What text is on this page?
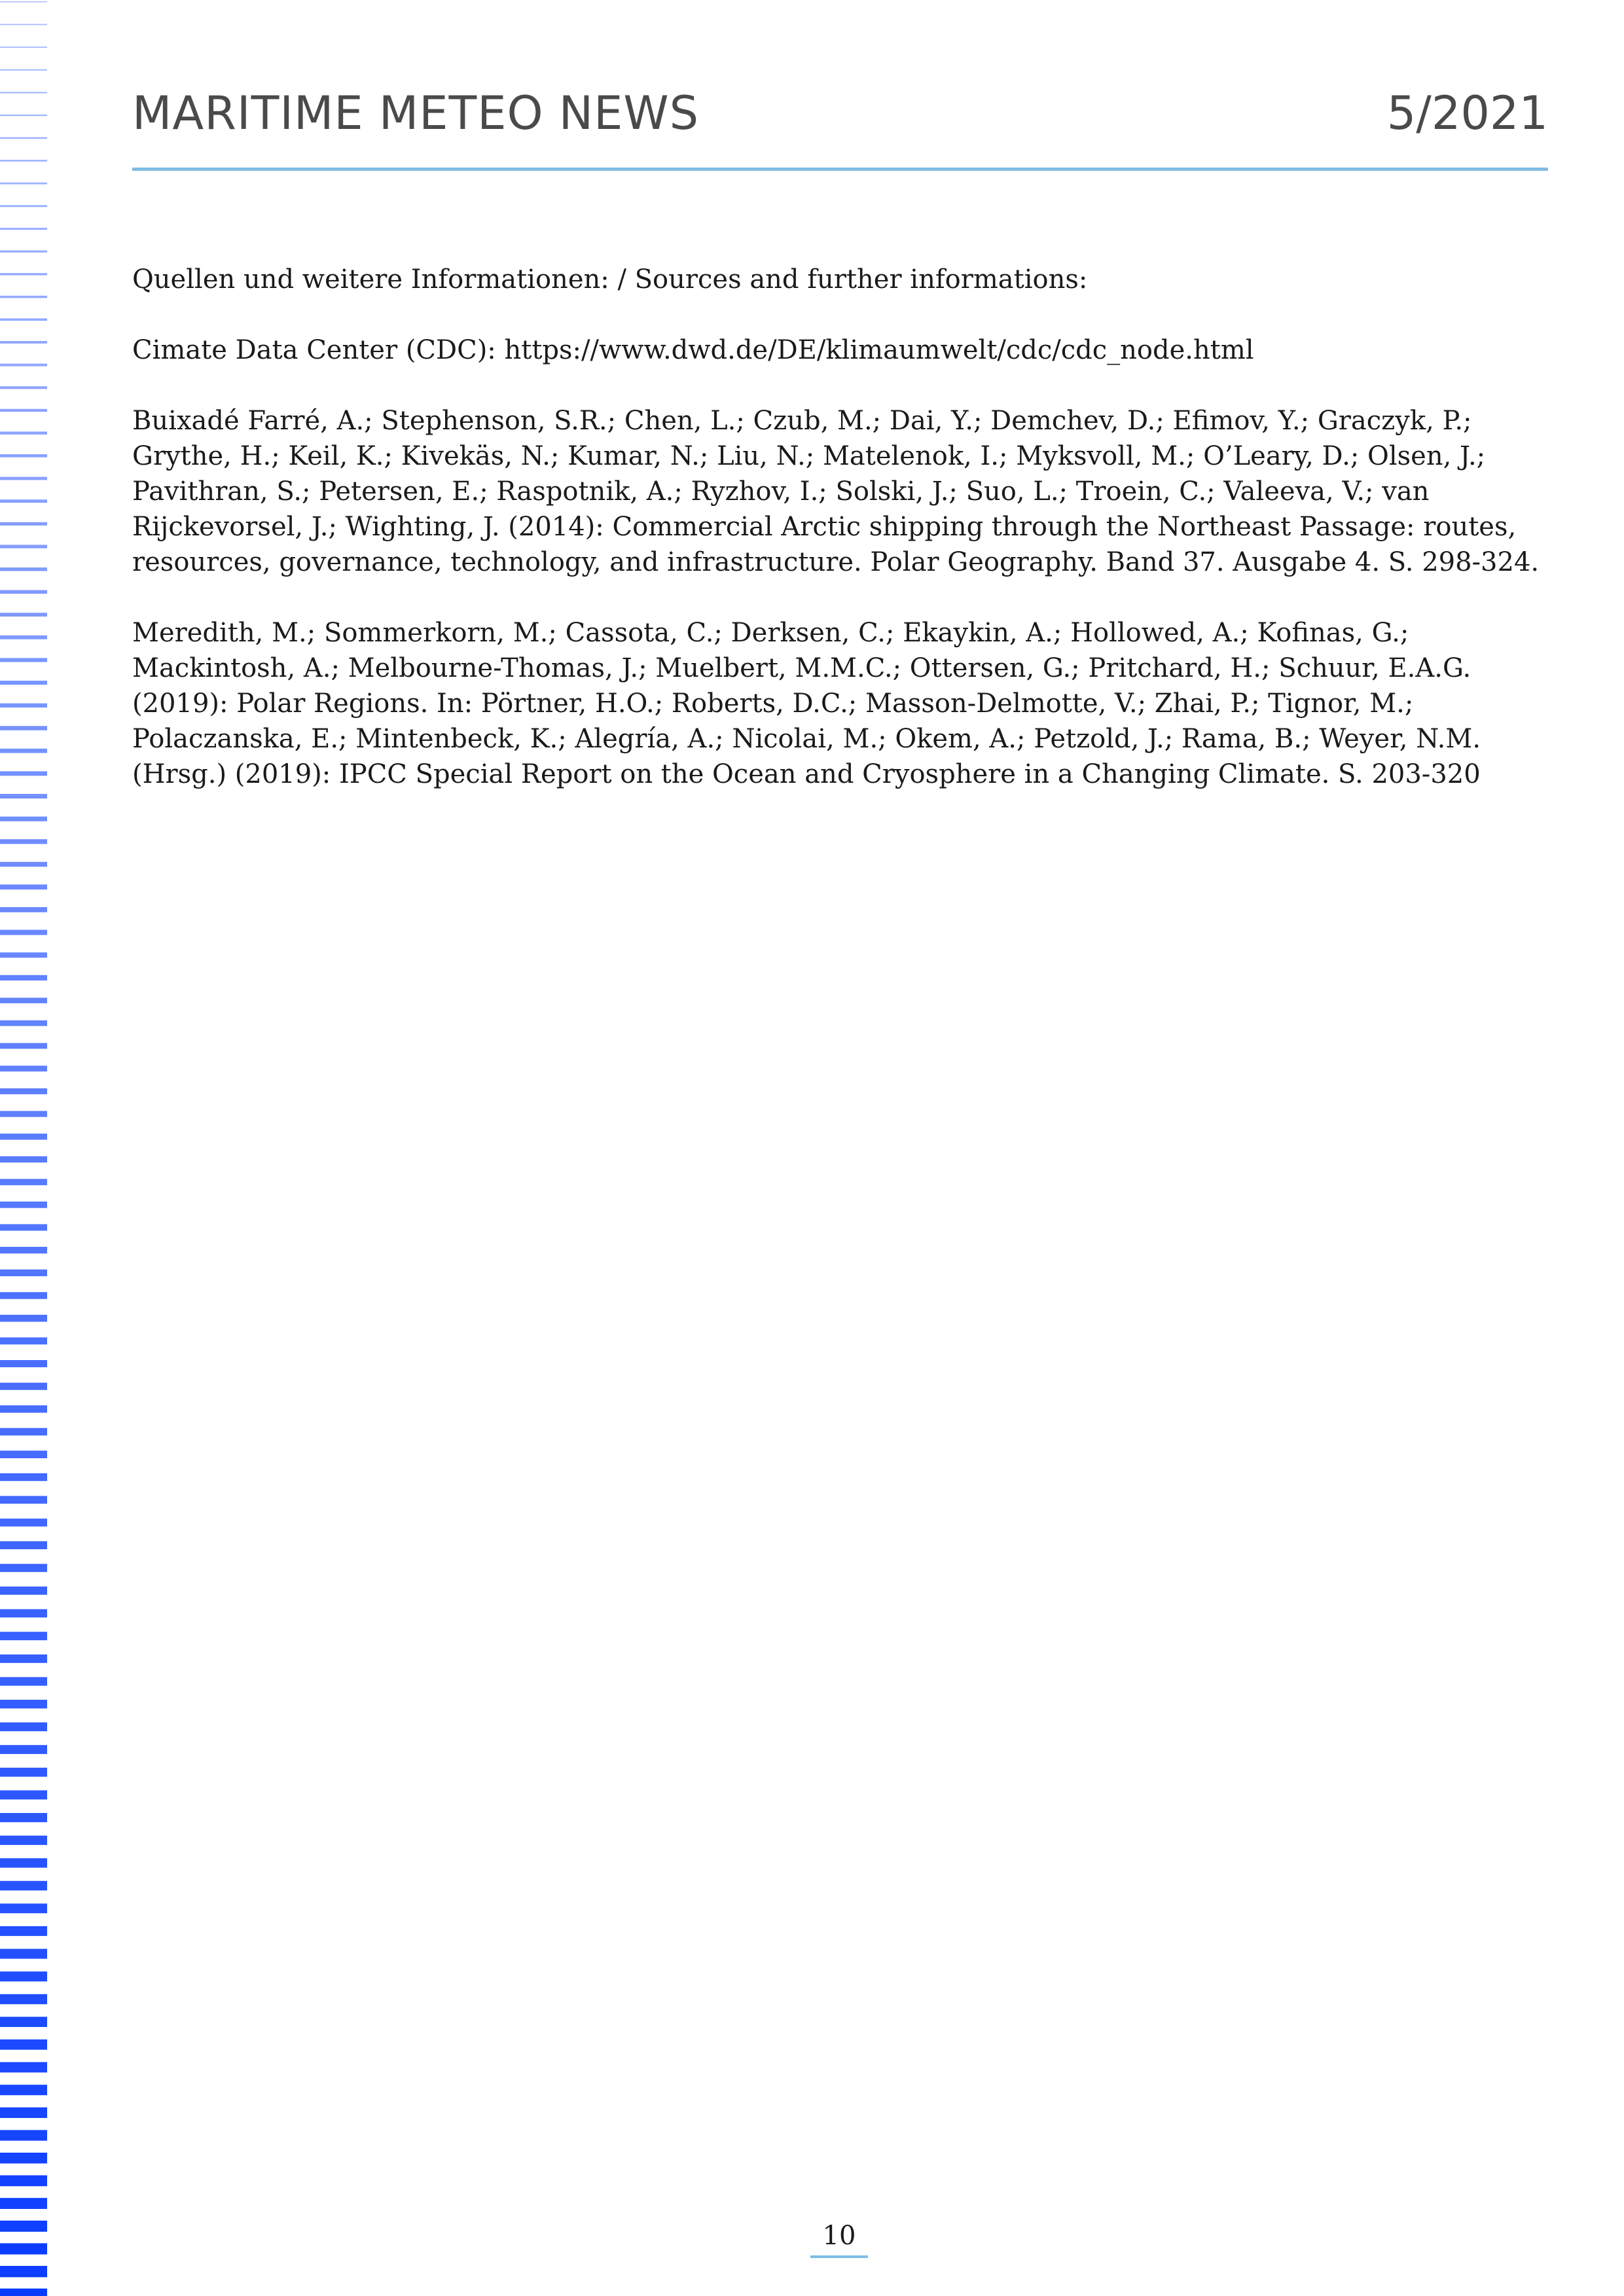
MARITIME METEO NEWS	5/2021

Quellen und weitere Informationen: / Sources and further informations:

Cimate Data Center (CDC): https://www.dwd.de/DE/klimaumwelt/cdc/cdc_node.html

Buixadé Farré, A.; Stephenson, S.R.; Chen, L.; Czub, M.; Dai, Y.; Demchev, D.; Efimov, Y.; Graczyk, P.; Grythe, H.; Keil, K.; Kivekäs, N.; Kumar, N.; Liu, N.; Matelenok, I.; Myksvoll, M.; O’Leary, D.; Olsen, J.; Pavithran, S.; Petersen, E.; Raspotnik, A.; Ryzhov, I.; Solski, J.; Suo, L.; Troein, C.; Valeeva, V.; van Rijckevorsel, J.; Wighting, J. (2014): Commercial Arctic shipping through the Northeast Passage: routes, resources, governance, technology, and infrastructure. Polar Geography. Band 37. Ausgabe 4. S. 298-324.

Meredith, M.; Sommerkorn, M.; Cassota, C.; Derksen, C.; Ekaykin, A.; Hollowed, A.; Kofinas, G.; Mackintosh, A.; Melbourne-Thomas, J.; Muelbert, M.M.C.; Ottersen, G.; Pritchard, H.; Schuur, E.A.G. (2019): Polar Regions. In: Pörtner, H.O.; Roberts, D.C.; Masson-Delmotte, V.; Zhai, P.; Tignor, M.; Polaczanska, E.; Mintenbeck, K.; Alegría, A.; Nicolai, M.; Okem, A.; Petzold, J.; Rama, B.; Weyer, N.M. (Hrsg.) (2019): IPCC Special Report on the Ocean and Cryosphere in a Changing Climate. S. 203-320

10
